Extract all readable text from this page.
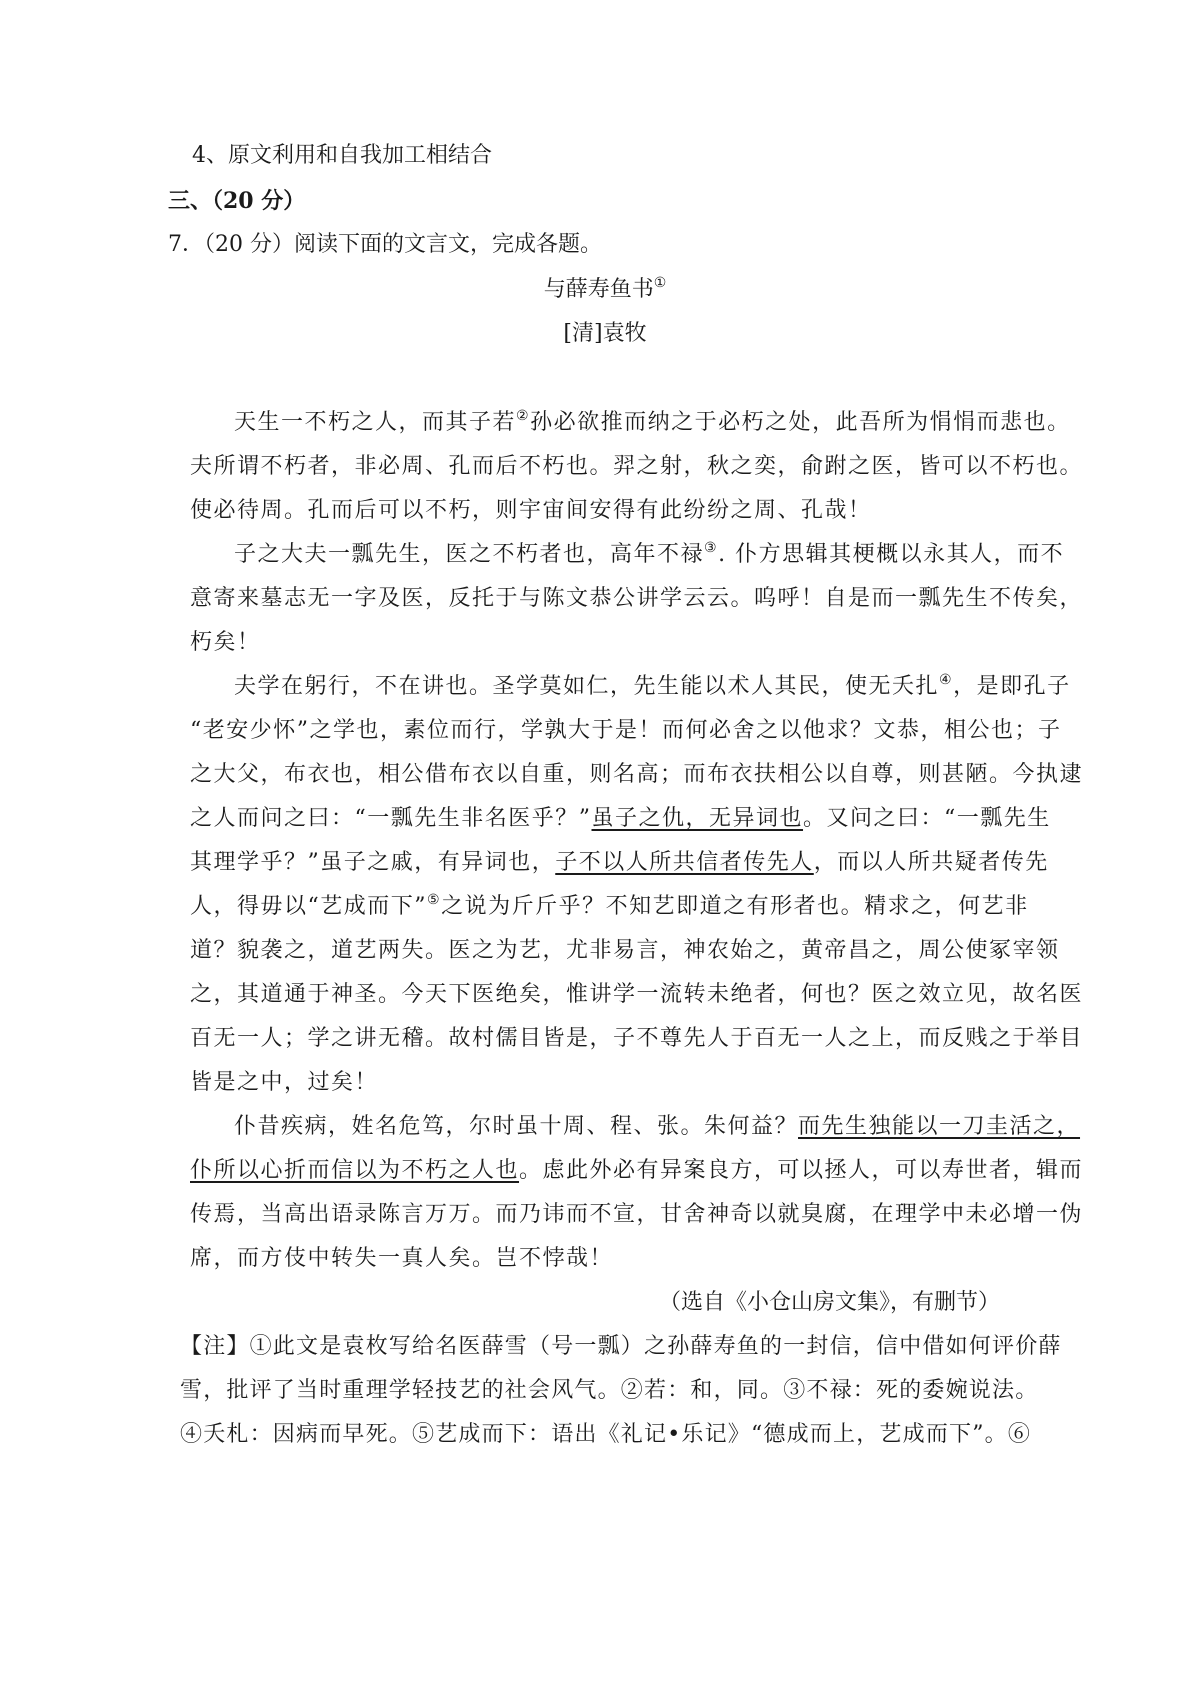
4、原文利用和自我加工相结合
三、（20 分）
7．（20 分）阅读下面的文言文，完成各题。
与薛寿鱼书①
[清]袁牧
天生一不朽之人，而其子若②孙必欲推而纳之于必朽之处，此吾所为悁悁而悲也。
夫所谓不朽者，非必周、孔而后不朽也。羿之射，秋之奕，俞跗之医，皆可以不朽也。
使必待周。孔而后可以不朽，则宇宙间安得有此纷纷之周、孔哉！
子之大夫一瓢先生，医之不朽者也，高年不禄③. 仆方思辑其梗概以永其人，而不
意寄来墓志无一字及医，反托于与陈文恭公讲学云云。呜呼！自是而一瓢先生不传矣，
朽矣！
夫学在躬行，不在讲也。圣学莫如仁，先生能以术人其民，使无夭扎④，是即孔子
“老安少怀”之学也，素位而行，学孰大于是！而何必舍之以他求？文恭，相公也；子
之大父，布衣也，相公借布衣以自重，则名高；而布衣扶相公以自尊，则甚陋。今执逮
之人而问之曰：“一瓢先生非名医乎？”虽子之仇，无异词也。又问之曰：“一瓢先生
其理学乎？”虽子之戚，有异词也，子不以人所共信者传先人，而以人所共疑者传先
人，得毋以“艺成而下”⑤之说为斤斤乎？不知艺即道之有形者也。精求之，何艺非
道？貌袭之，道艺两失。医之为艺，尤非易言，神农始之，黄帝昌之，周公使冢宰领
之，其道通于神圣。今天下医绝矣，惟讲学一流转未绝者，何也？医之效立见，故名医
百无一人；学之讲无稽。故村儒目皆是，子不尊先人于百无一人之上，而反贱之于举目
皆是之中，过矣！
仆昔疾病，姓名危笃，尔时虽十周、程、张。朱何益？而先生独能以一刀圭活之，
仆所以心折而信以为不朽之人也。虑此外必有异案良方，可以拯人，可以寿世者，辑而
传焉，当高出语录陈言万万。而乃讳而不宣，甘舍神奇以就臭腐，在理学中未必增一伪
席，而方伎中转失一真人矣。岂不悖哉！
（选自《小仓山房文集》，有删节）
【注】①此文是袁枚写给名医薛雪（号一瓢）之孙薛寿鱼的一封信，信中借如何评价薛
雪，批评了当时重理学轻技艺的社会风气。②若：和，同。③不禄：死的委婉说法。
④夭札：因病而早死。⑤艺成而下：语出《礼记•乐记》“德成而上，艺成而下”。⑥
